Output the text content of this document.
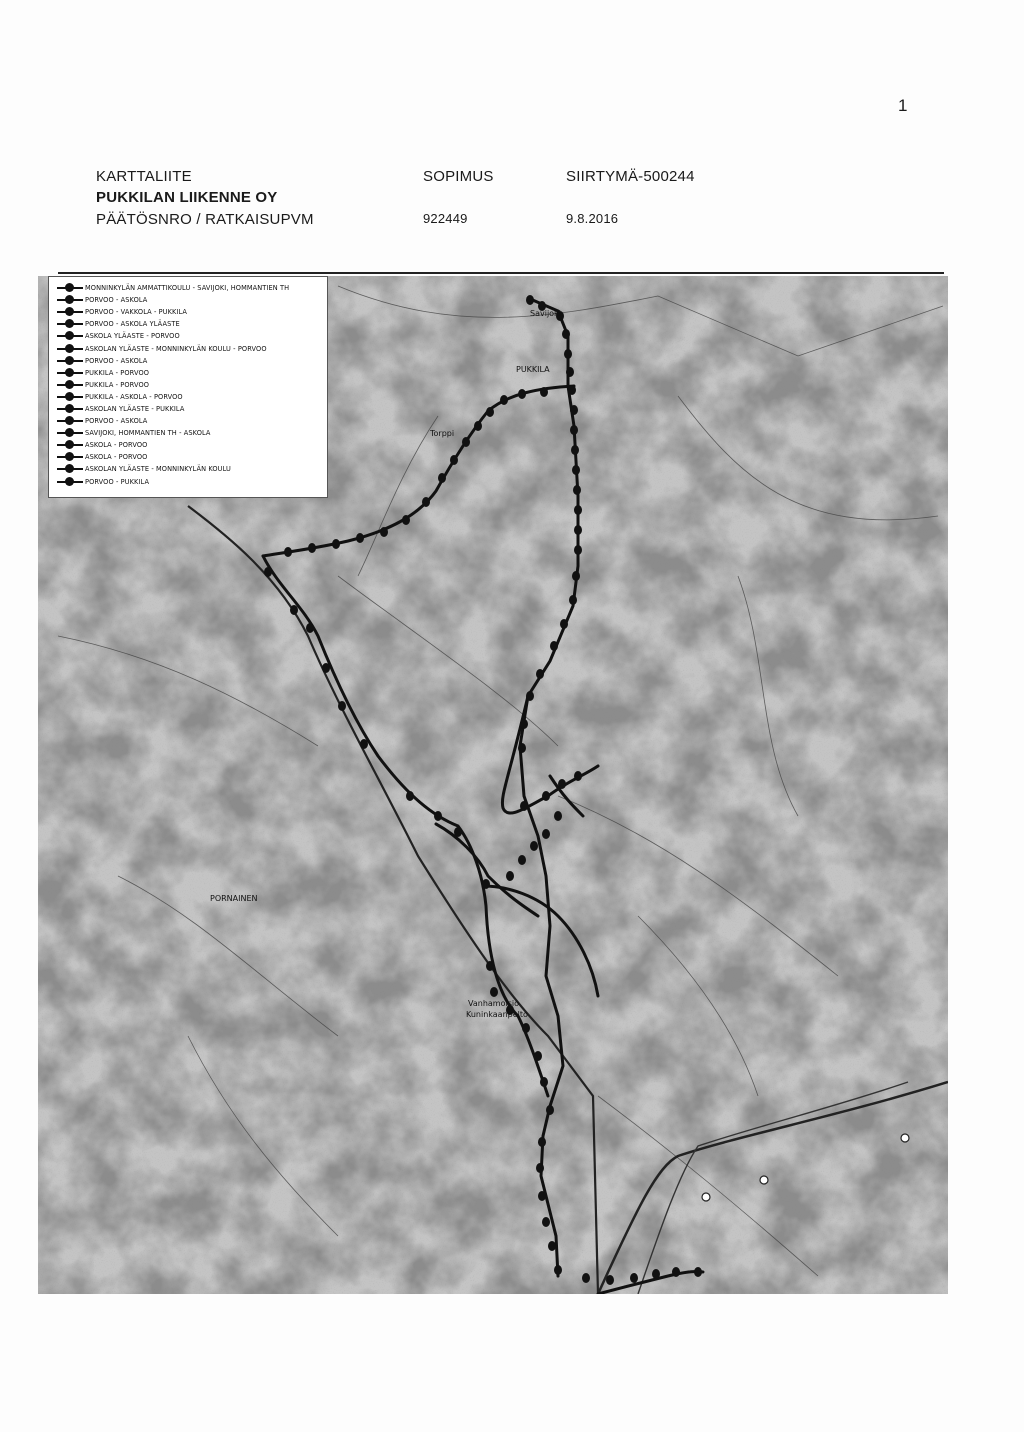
1
KARTTALIITE
PUKKILAN LIIKENNE OY
PÄÄTÖSNRO / RATKAISUPVM
SOPIMUS
922449
SIIRTYMÄ-500244
9.8.2016
PUKKILA
Savijoki
Torppi
PORNAINEN
Vanhamoisio
Kuninkaanpelto
MONNINKYLÄN AMMATTIKOULU - SAVIJOKI, HOMMANTIEN TH
PORVOO - ASKOLA
PORVOO - VAKKOLA - PUKKILA
PORVOO - ASKOLA YLÄASTE
ASKOLA YLÄASTE - PORVOO
ASKOLAN YLÄASTE - MONNINKYLÄN KOULU - PORVOO
PORVOO - ASKOLA
PUKKILA - PORVOO
PUKKILA - PORVOO
PUKKILA - ASKOLA - PORVOO
ASKOLAN YLÄASTE - PUKKILA
PORVOO - ASKOLA
SAVIJOKI, HOMMANTIEN TH - ASKOLA
ASKOLA - PORVOO
ASKOLA - PORVOO
ASKOLAN YLÄASTE - MONNINKYLÄN KOULU
PORVOO - PUKKILA
